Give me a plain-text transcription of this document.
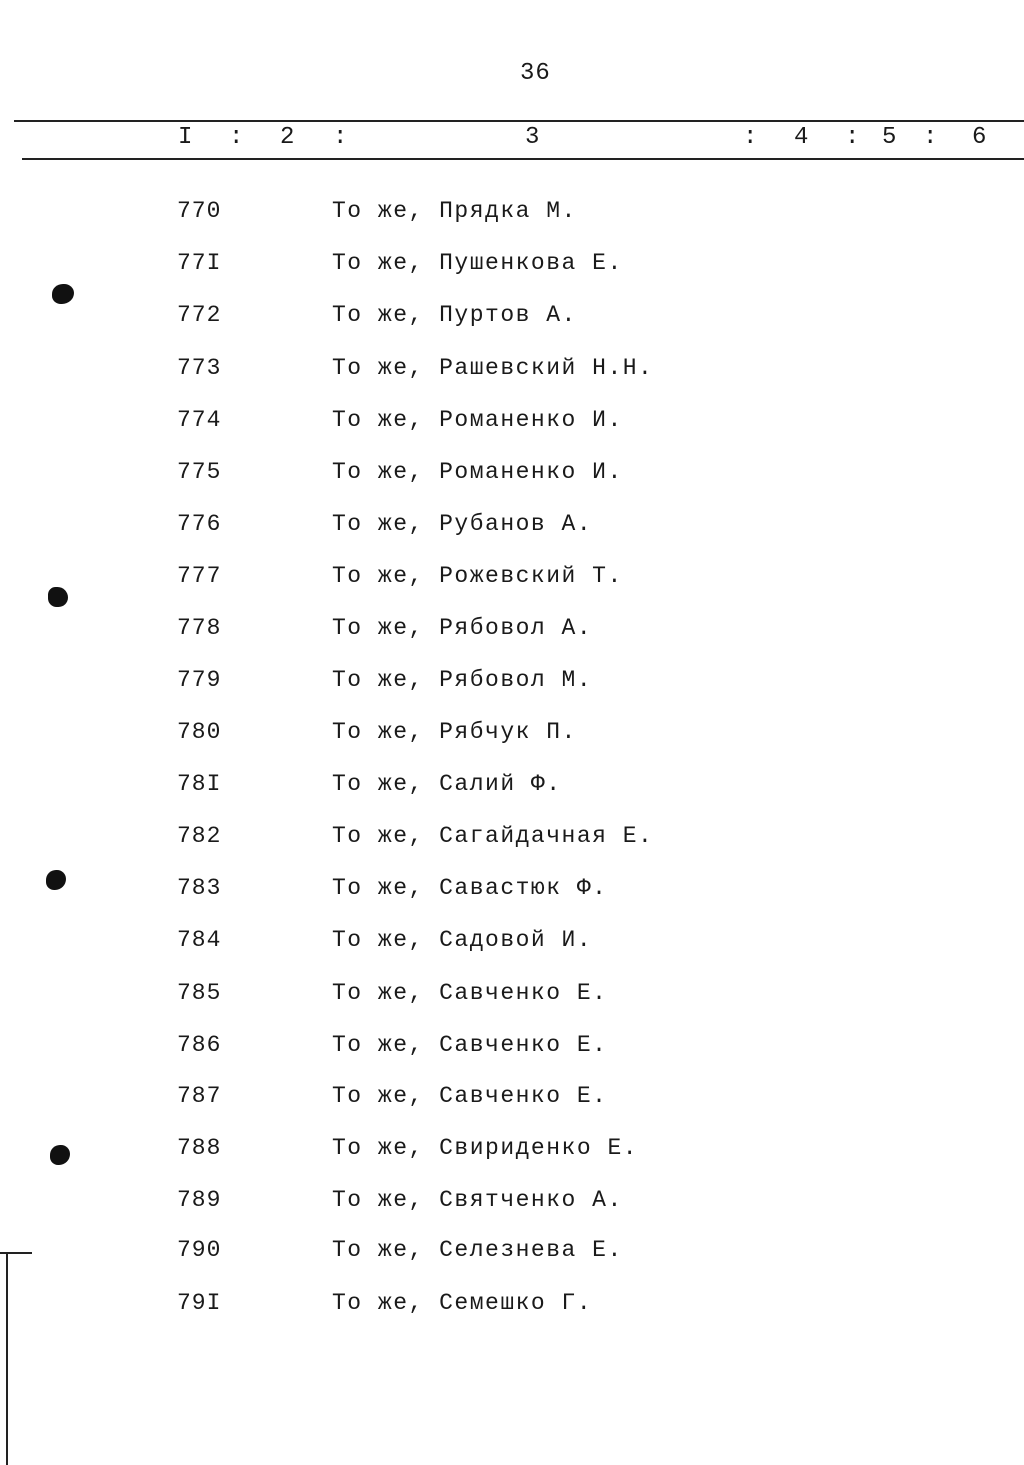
36
I : 2 :	3	: 4 : 5 : 6
770	То же, Прядка М.
77I	То же, Пушенкова Е.
772	То же, Пуртов А.
773	То же, Рашевский Н.Н.
774	То же, Романенко И.
775	То же, Романенко И.
776	То же, Рубанов А.
777	То же, Рожевский Т.
778	То же, Рябовол А.
779	То же, Рябовол М.
780	То же, Рябчук П.
78I	То же, Салий Ф.
782	То же, Сагайдачная Е.
783	То же, Савастюк Ф.
784	То же, Садовой И.
785	То же, Савченко Е.
786	То же, Савченко Е.
787	То же, Савченко Е.
788	То же, Свириденко Е.
789	То же, Святченко А.
790	То же, Селезнева Е.
79I	То же, Семешко Г.
